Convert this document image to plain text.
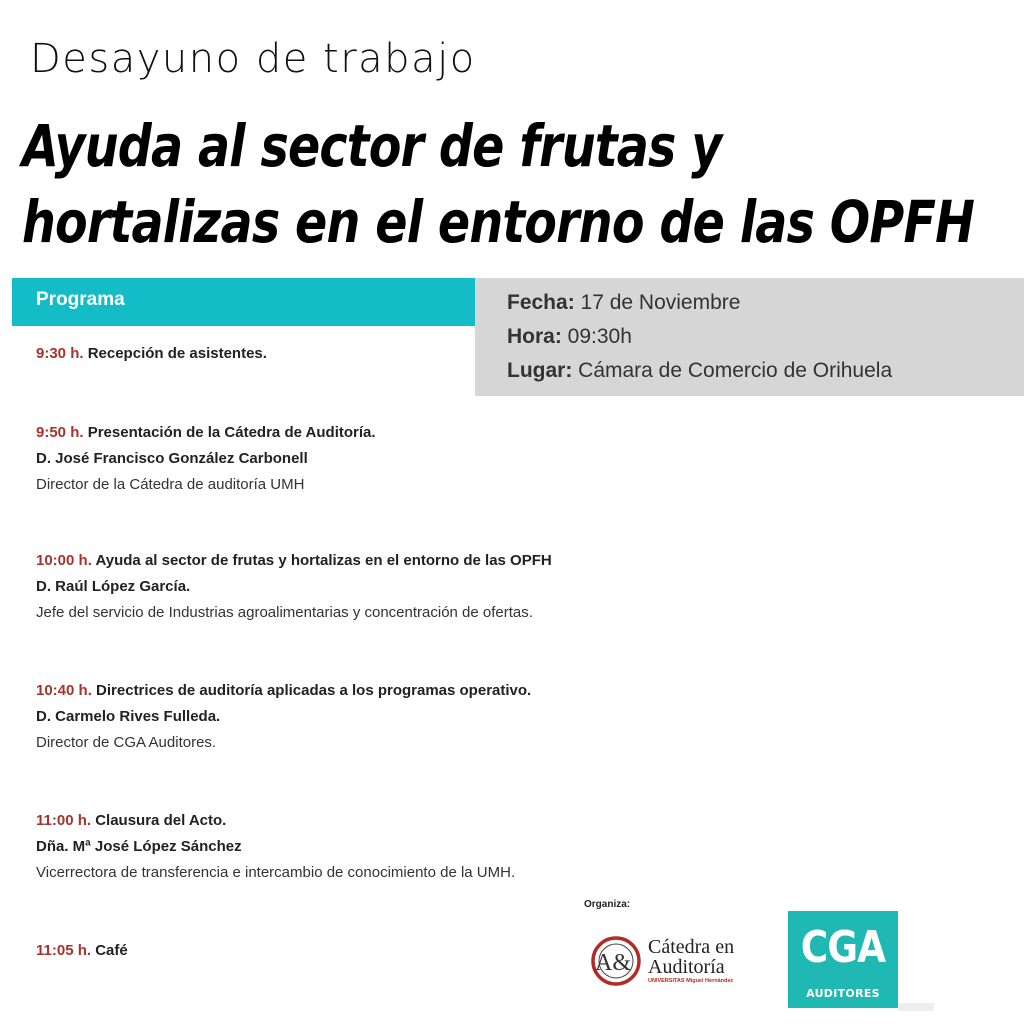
Desayuno de trabajo
Ayuda al sector de frutas y
hortalizas en el entorno de las OPFH
Programa	Fecha: 17 de Noviembre
Hora: 09:30h
Lugar: Cámara de Comercio de Orihuela
9:30 h. Recepción de asistentes.
9:50 h. Presentación de la Cátedra de Auditoría.
D. José Francisco González Carbonell
Director de la Cátedra de auditoría UMH
10:00 h. Ayuda al sector de frutas y hortalizas en el entorno de las OPFH
D. Raúl López García.
Jefe del servicio de Industrias agroalimentarias y concentración de ofertas.
10:40 h. Directrices de auditoría aplicadas a los programas operativo.
D. Carmelo Rives Fulleda.
Director de CGA Auditores.
11:00 h. Clausura del Acto.
Dña. Mª José López Sánchez
Vicerrectora de transferencia e intercambio de conocimiento de la UMH.
11:05 h. Café
Organiza:
A&
Cátedra en
Auditoría
UNIVERSITAS Miguel Hernández
CGA
AUDITORES
